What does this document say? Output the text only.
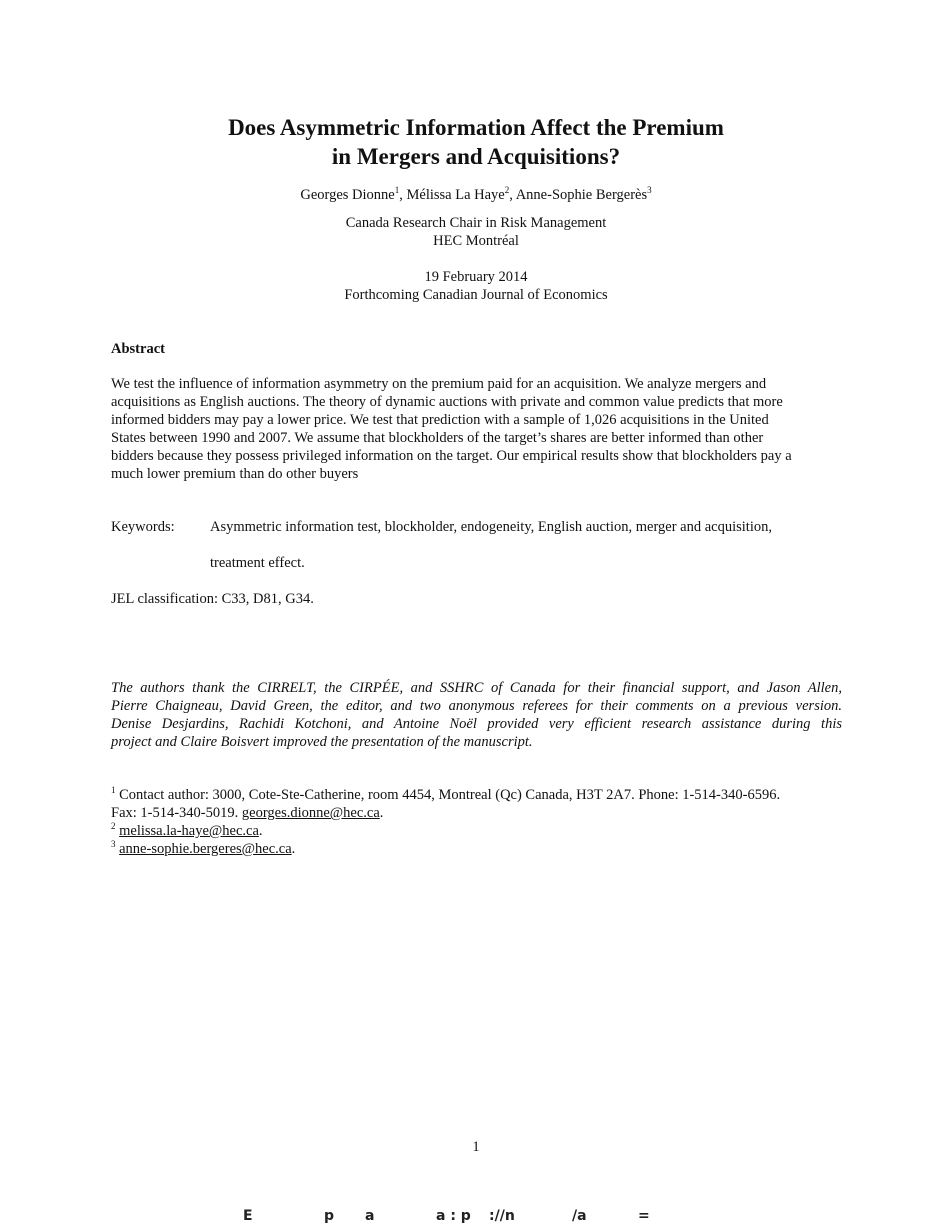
Does Asymmetric Information Affect the Premium
in Mergers and Acquisitions?
Georges Dionne$^1$, Mélissa La Haye$^2$, Anne-Sophie Bergerès$^3$
Canada Research Chair in Risk Management
HEC Montréal
19 February 2014
Forthcoming Canadian Journal of Economics
Abstract
We test the influence of information asymmetry on the premium paid for an acquisition. We analyze mergers and
acquisitions as English auctions. The theory of dynamic auctions with private and common value predicts that more
informed bidders may pay a lower price. We test that prediction with a sample of 1,026 acquisitions in the United
States between 1990 and 2007. We assume that blockholders of the target’s shares are better informed than other
bidders because they possess privileged information on the target. Our empirical results show that blockholders pay a
much lower premium than do other buyers
Keywords: Asymmetric information test, blockholder, endogeneity, English auction, merger and acquisition,
treatment effect.
JEL classification: C33, D81, G34.
The authors thank the CIRRELT, the CIRPÉE, and SSHRC of Canada for their financial support, and Jason Allen,
Pierre Chaigneau, David Green, the editor, and two anonymous referees for their comments on a previous version.
Denise Desjardins, Rachidi Kotchoni, and Antoine Noël provided very efficient research assistance during this
project and Claire Boisvert improved the presentation of the manuscript.
$^1$ Contact author: 3000, Cote-Ste-Catherine, room 4454, Montreal (Qc) Canada, H3T 2A7. Phone: 1-514-340-6596.
Fax: 1-514-340-5019. georges.dionne@hec.ca.
$^2$ melissa.la-haye@hec.ca.
$^3$ anne-sophie.bergeres@hec.ca.
1
E	p a	a : p ://n	/a	=
